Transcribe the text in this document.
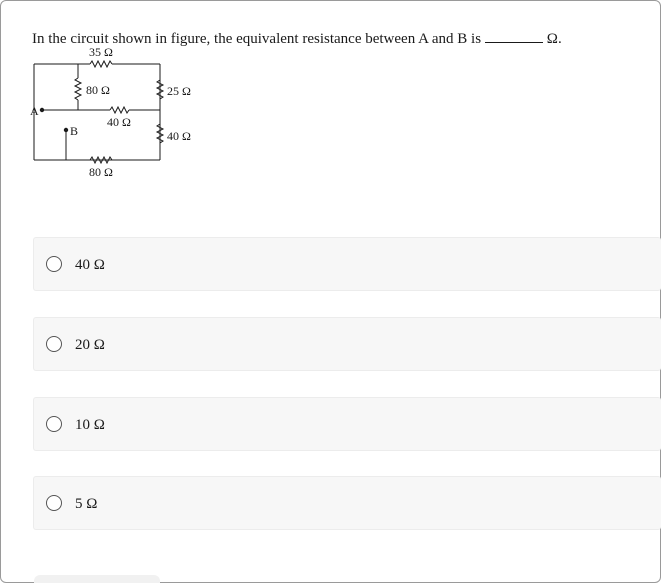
In the circuit shown in figure, the equivalent resistance between A and B is	Ω.
35 Ω
80 Ω
40 Ω
80 Ω
25 Ω
40 Ω
A
B
40 Ω
20 Ω
10 Ω
5 Ω
